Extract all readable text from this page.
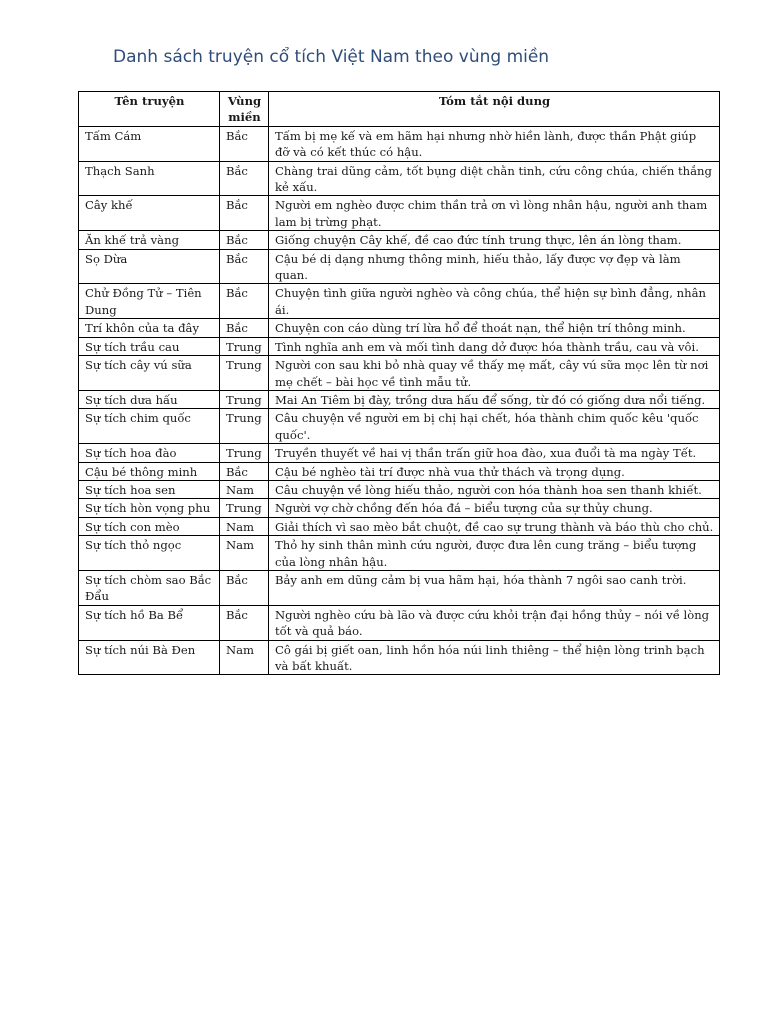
Danh sách truyện cổ tích Việt Nam theo vùng miền
Tên truyện	Vùng miền	Tóm tắt nội dung
Tấm Cám	Bắc	Tấm bị mẹ kế và em hãm hại nhưng nhờ hiền lành, được thần Phật giúp đỡ và có kết thúc có hậu.
Thạch Sanh	Bắc	Chàng trai dũng cảm, tốt bụng diệt chằn tinh, cứu công chúa, chiến thắng kẻ xấu.
Cây khế	Bắc	Người em nghèo được chim thần trả ơn vì lòng nhân hậu, người anh tham lam bị trừng phạt.
Ăn khế trả vàng	Bắc	Giống chuyện Cây khế, đề cao đức tính trung thực, lên án lòng tham.
Sọ Dừa	Bắc	Cậu bé dị dạng nhưng thông minh, hiếu thảo, lấy được vợ đẹp và làm quan.
Chử Đồng Tử – Tiên Dung	Bắc	Chuyện tình giữa người nghèo và công chúa, thể hiện sự bình đẳng, nhân ái.
Trí khôn của ta đây	Bắc	Chuyện con cáo dùng trí lừa hổ để thoát nạn, thể hiện trí thông minh.
Sự tích trầu cau	Trung	Tình nghĩa anh em và mối tình dang dở được hóa thành trầu, cau và vôi.
Sự tích cây vú sữa	Trung	Người con sau khi bỏ nhà quay về thấy mẹ mất, cây vú sữa mọc lên từ nơi mẹ chết – bài học về tình mẫu tử.
Sự tích dưa hấu	Trung	Mai An Tiêm bị đày, trồng dưa hấu để sống, từ đó có giống dưa nổi tiếng.
Sự tích chim quốc	Trung	Câu chuyện về người em bị chị hại chết, hóa thành chim quốc kêu 'quốc quốc'.
Sự tích hoa đào	Trung	Truyền thuyết về hai vị thần trấn giữ hoa đào, xua đuổi tà ma ngày Tết.
Cậu bé thông minh	Bắc	Cậu bé nghèo tài trí được nhà vua thử thách và trọng dụng.
Sự tích hoa sen	Nam	Câu chuyện về lòng hiếu thảo, người con hóa thành hoa sen thanh khiết.
Sự tích hòn vọng phu	Trung	Người vợ chờ chồng đến hóa đá – biểu tượng của sự thủy chung.
Sự tích con mèo	Nam	Giải thích vì sao mèo bắt chuột, đề cao sự trung thành và báo thù cho chủ.
Sự tích thỏ ngọc	Nam	Thỏ hy sinh thân mình cứu người, được đưa lên cung trăng – biểu tượng của lòng nhân hậu.
Sự tích chòm sao Bắc Đẩu	Bắc	Bảy anh em dũng cảm bị vua hãm hại, hóa thành 7 ngôi sao canh trời.
Sự tích hồ Ba Bể	Bắc	Người nghèo cứu bà lão và được cứu khỏi trận đại hồng thủy – nói về lòng tốt và quả báo.
Sự tích núi Bà Đen	Nam	Cô gái bị giết oan, linh hồn hóa núi linh thiêng – thể hiện lòng trinh bạch và bất khuất.
